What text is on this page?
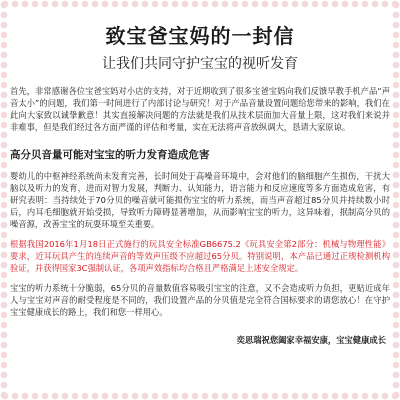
致宝爸宝妈的一封信
让我们共同守护宝宝的视听发育

首先，非常感谢各位宝爸宝妈对小店的支持，对于近期收到了很多宝爸宝妈向我们反馈早教手机产品“声音太小”的问题，我们第一时间进行了内部讨论与研究！对于产品音量设置问题给您带来的影响，我们在此向大家致以诚挚歉意！其实直接解决问题的方法就是我们从技术层面加大音量上限，这对我们来说并非难事，但是我们经过各方面严谨的评估和考量，实在无法将声音放纵调大，恳请大家原谅。

高分贝音量可能对宝宝的听力发育造成危害

婴幼儿的中枢神经系统尚未发育完善，长时间处于高噪音环境中，会对他们的脑细胞产生损伤，干扰大脑以及听力的发育，进而对智力发展，判断力、认知能力，语言能力和反应速度等多方面造成危害，有研究表明：当持续处于70分贝的噪音就可能损伤宝宝的听力系统，而当声音超过85分贝并持续数小时后，内耳毛细胞就开始受损，导致听力障碍显著增加，从而影响宝宝的听力，这异味着，抿制高分贝的噪音源，改善宝宝的玩耍环境至关重要。

根据我国2016年1月18日正式施行的玩具安全标准GB6675.2《玩具安全第2部分：机械与物理性能》要求，近耳玩具产生的连续声音的等效声压级不应超过65分贝。特别说明，本产品已通过正规检测机构验证，并获得国家3C强制认证，各项声效指标均合格且严格满足上述安全规定。

宝宝的听力系统十分脆弱，65分贝的音量数值容易吸引宝宝的注意，又不会造成听力负担，更贴近成年人与宝宝对声音的耐受程度是不同的，我们设置产品的分贝值是完全符合国标要求的请您放心！在守护宝宝健康成长的路上，我们和您一样用心。

奕思瑞祝您阖家幸福安康，宝宝健康成长
